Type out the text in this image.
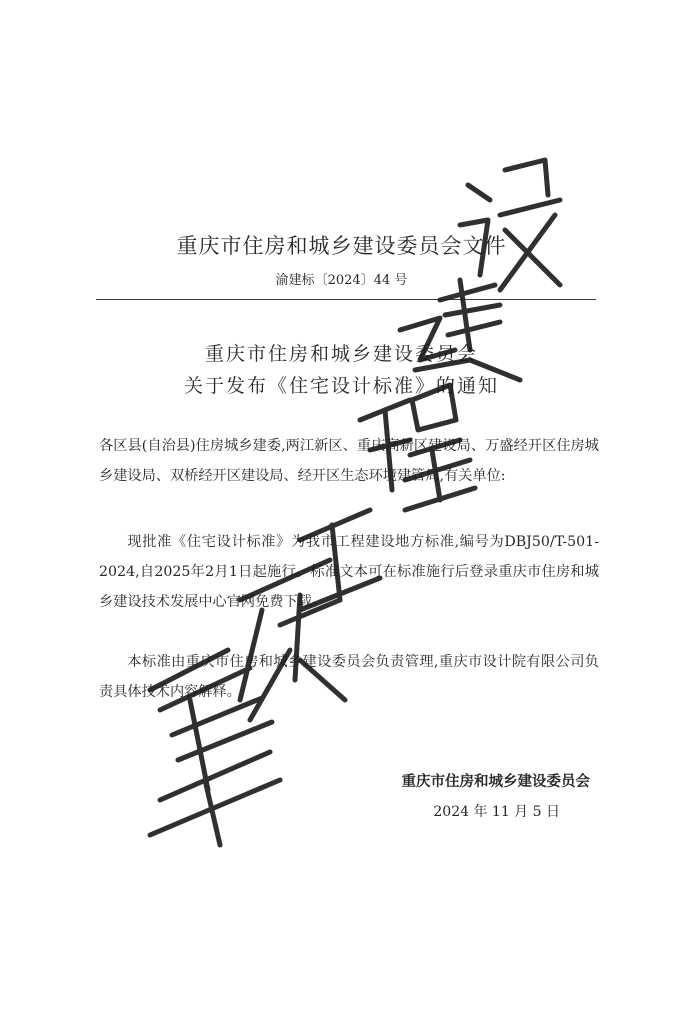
重庆市住房和城乡建设委员会文件
渝建标〔2024〕44 号
重庆市住房和城乡建设委员会
关于发布《住宅设计标准》的通知

各区县(自治县)住房城乡建委,两江新区、重庆高新区建设局、万盛经开区住房城乡建设局、双桥经开区建设局、经开区生态环境建管局,有关单位:

现批准《住宅设计标准》为我市工程建设地方标准,编号为DBJ50/T-501-2024,自2025年2月1日起施行。标准文本可在标准施行后登录重庆市住房和城乡建设技术发展中心官网免费下载。

本标准由重庆市住房和城乡建设委员会负责管理,重庆市设计院有限公司负责具体技术内容解释。

重庆市住房和城乡建设委员会
2024 年 11 月 5 日
